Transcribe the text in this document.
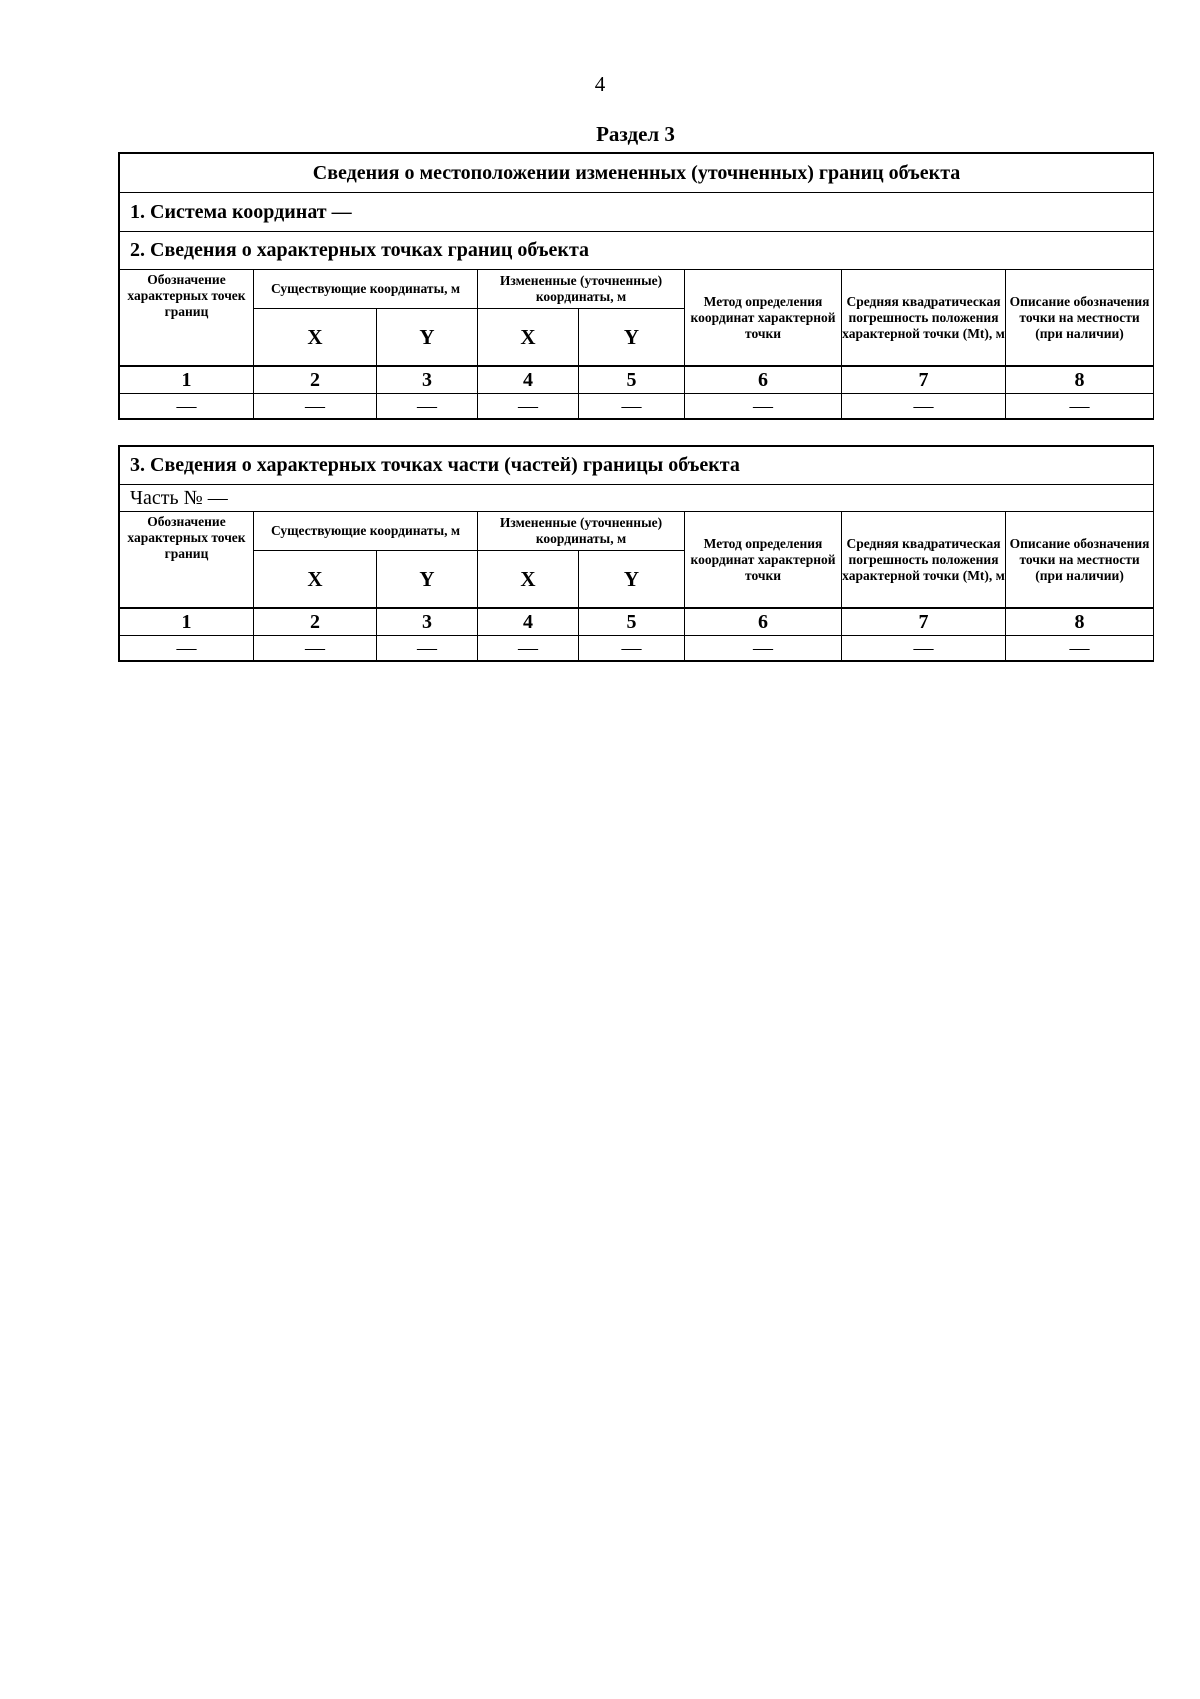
4
Раздел 3
Сведения о местоположении измененных (уточненных) границ объекта							
1. Система координат —							
2. Сведения о характерных точках границ объекта							
Обозначение характерных точек границ	Существующие координаты, м		Измененные (уточненные) координаты, м		Метод определения координат характерной точки	Средняя квадратическая погрешность положения характерной точки (Mt), м	Описание обозначения точки на местности (при наличии)
	X	Y	X	Y			
1	2	3	4	5	6	7	8
—	—	—	—	—	—	—	—
3. Сведения о характерных точках части (частей) границы объекта							
Часть № —							
Обозначение характерных точек границ	Существующие координаты, м		Измененные (уточненные) координаты, м		Метод определения координат характерной точки	Средняя квадратическая погрешность положения характерной точки (Mt), м	Описание обозначения точки на местности (при наличии)
	X	Y	X	Y			
1	2	3	4	5	6	7	8
—	—	—	—	—	—	—	—
